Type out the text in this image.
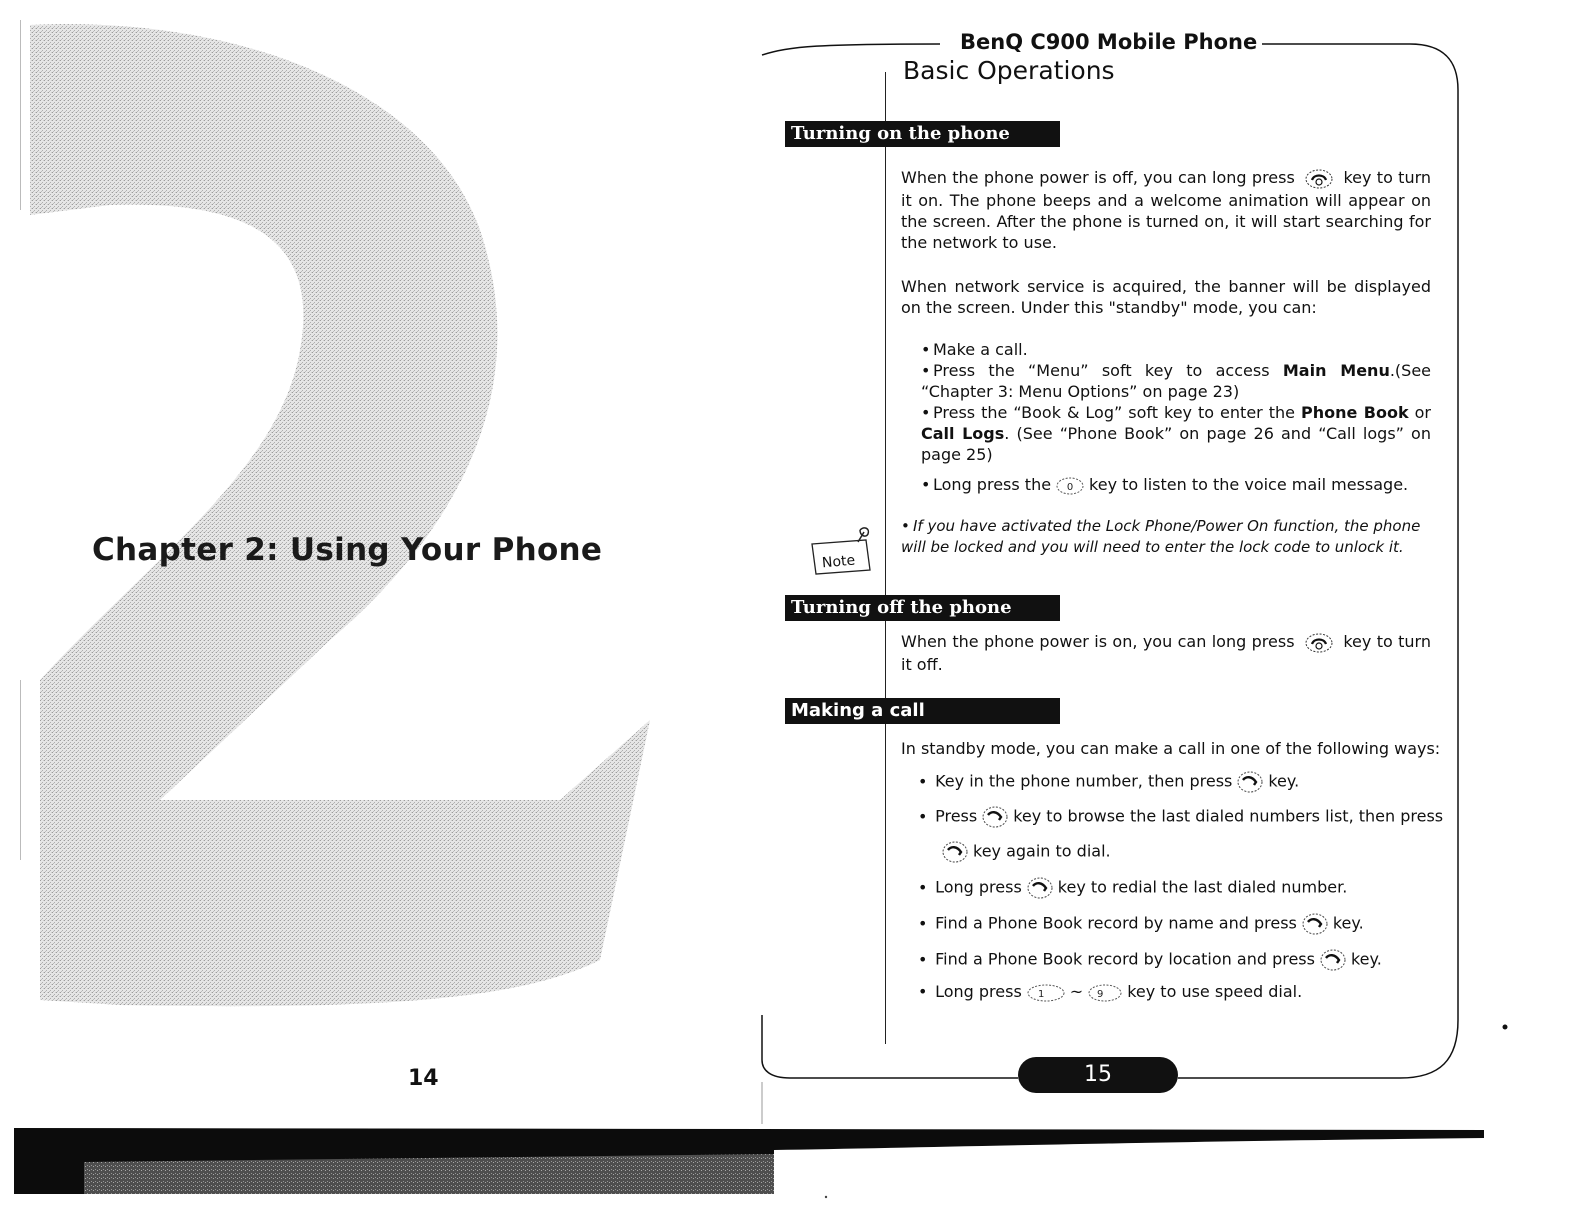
Chapter 2: Using Your Phone
14
BenQ C900 Mobile Phone
Basic Operations
Turning on the phone
When the phone power is off, you can long press	key to turn it on. The phone beeps and a welcome animation will appear on the screen. After the phone is turned on, it will start searching for the network to use.
When network service is acquired, the banner will be displayed on the screen. Under this "standby" mode, you can:
• Make a call.
• Press the “Menu” soft key to access Main Menu.(See “Chapter 3: Menu Options” on page 23)
• Press the “Book & Log” soft key to enter the Phone Book or Call Logs. (See “Phone Book” on page 26 and “Call logs” on page 25)
• Long press the 0 key to listen to the voice mail message.
Note
• If you have activated the Lock Phone/Power On function, the phone will be locked and you will need to enter the lock code to unlock it.
Turning off the phone
When the phone power is on, you can long press	key to turn it off.
Making a call
In standby mode, you can make a call in one of the following ways:
• Key in the phone number, then press key.
• Press key to browse the last dialed numbers list, then press
key again to dial.
• Long press key to redial the last dialed number.
• Find a Phone Book record by name and press key.
• Find a Phone Book record by location and press key.
• Long press 1 ~ 9 key to use speed dial.
15
